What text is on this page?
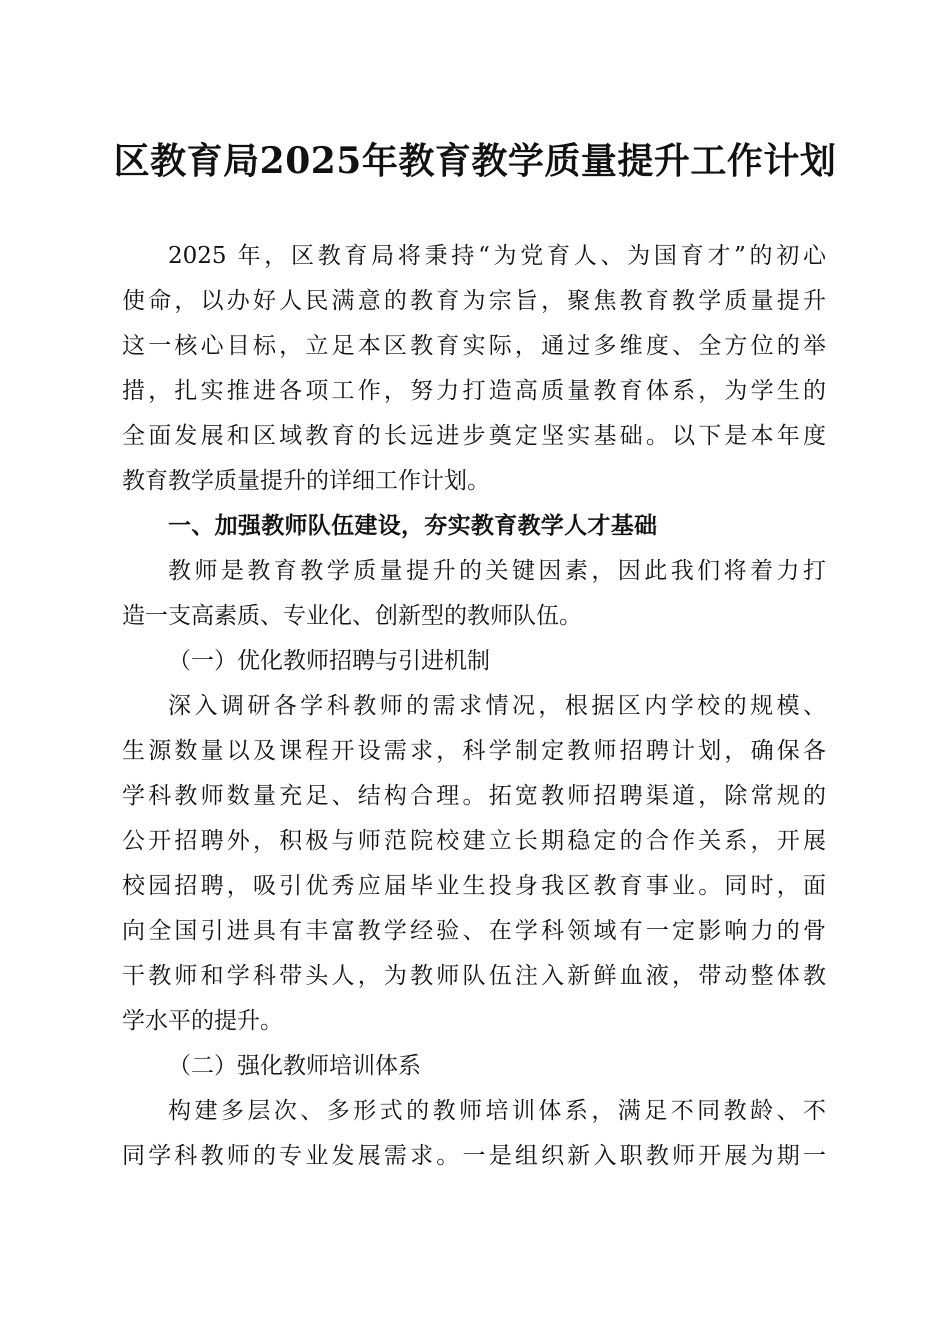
区教育局2025年教育教学质量提升工作计划
2025 年，区教育局将秉持“为党育人、为国育才”的初心
使命，以办好人民满意的教育为宗旨，聚焦教育教学质量提升
这一核心目标，立足本区教育实际，通过多维度、全方位的举
措，扎实推进各项工作，努力打造高质量教育体系，为学生的
全面发展和区域教育的长远进步奠定坚实基础。以下是本年度
教育教学质量提升的详细工作计划。
一、加强教师队伍建设，夯实教育教学人才基础
教师是教育教学质量提升的关键因素，因此我们将着力打
造一支高素质、专业化、创新型的教师队伍。
（一）优化教师招聘与引进机制
深入调研各学科教师的需求情况，根据区内学校的规模、
生源数量以及课程开设需求，科学制定教师招聘计划，确保各
学科教师数量充足、结构合理。拓宽教师招聘渠道，除常规的
公开招聘外，积极与师范院校建立长期稳定的合作关系，开展
校园招聘，吸引优秀应届毕业生投身我区教育事业。同时，面
向全国引进具有丰富教学经验、在学科领域有一定影响力的骨
干教师和学科带头人，为教师队伍注入新鲜血液，带动整体教
学水平的提升。
（二）强化教师培训体系
构建多层次、多形式的教师培训体系，满足不同教龄、不
同学科教师的专业发展需求。一是组织新入职教师开展为期一
